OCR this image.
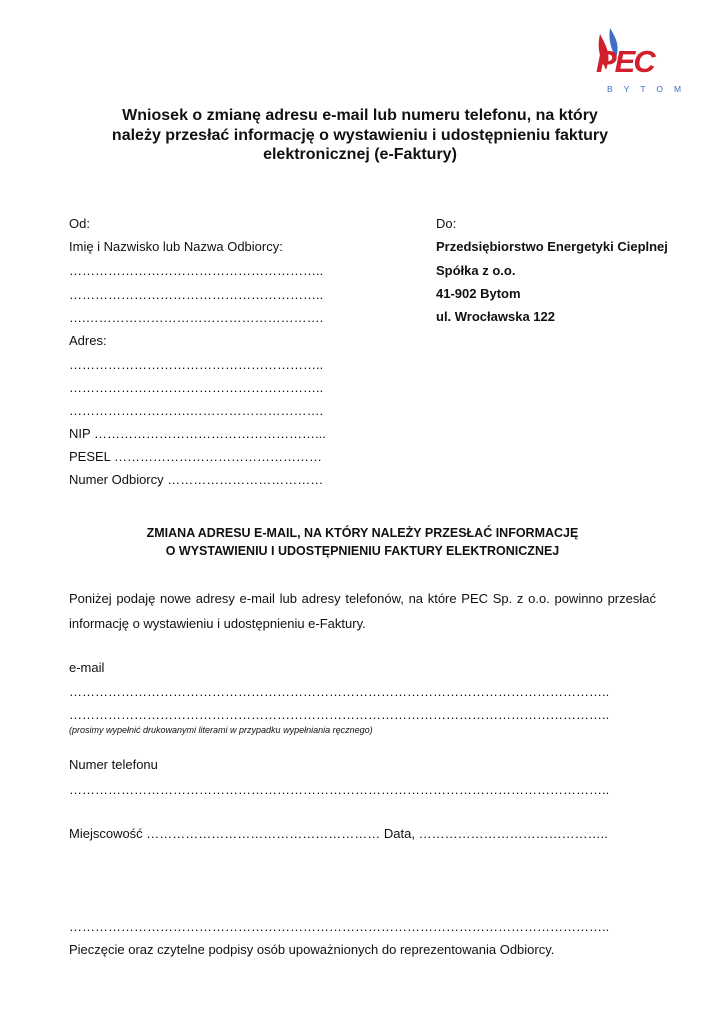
PEC
BYTOM
Wniosek o zmianę adresu e-mail lub numeru telefonu, na który
należy przesłać informację o wystawieniu i udostępnieniu faktury
elektronicznej (e-Faktury)
Od:
Imię i Nazwisko lub Nazwa Odbiorcy:
…………………………………………………..
…………………………………………………..
….……………………………………………….
Adres:
…………………………………………………..
…………………………………………………..
……………………….………………………….
NIP ……………………………………………...
PESEL …………………………………………
Numer Odbiorcy ………………………………
Do:
Przedsiębiorstwo Energetyki Cieplnej
Spółka z o.o.
41-902 Bytom
ul. Wrocławska 122
ZMIANA ADRESU E-MAIL, NA KTÓRY NALEŻY PRZESŁAĆ INFORMACJĘ
O WYSTAWIENIU I UDOSTĘPNIENIU FAKTURY ELEKTRONICZNEJ
Poniżej podaję nowe adresy e-mail lub adresy telefonów, na które PEC Sp. z o.o. powinno przesłać informację o wystawieniu i udostępnieniu e-Faktury.
e-mail
……………………………………………………………………………………………………………..
……………………………………………………………………………………………………………..
(prosimy wypełnić drukowanymi literami w przypadku wypełniania ręcznego)
Numer telefonu
……………………………………………………………………………………………………………..
Miejscowość ……………………………………………… Data, ……………………………………..
……………………………………………………………………………………………………………..
Pieczęcie oraz czytelne podpisy osób upoważnionych do reprezentowania Odbiorcy.
